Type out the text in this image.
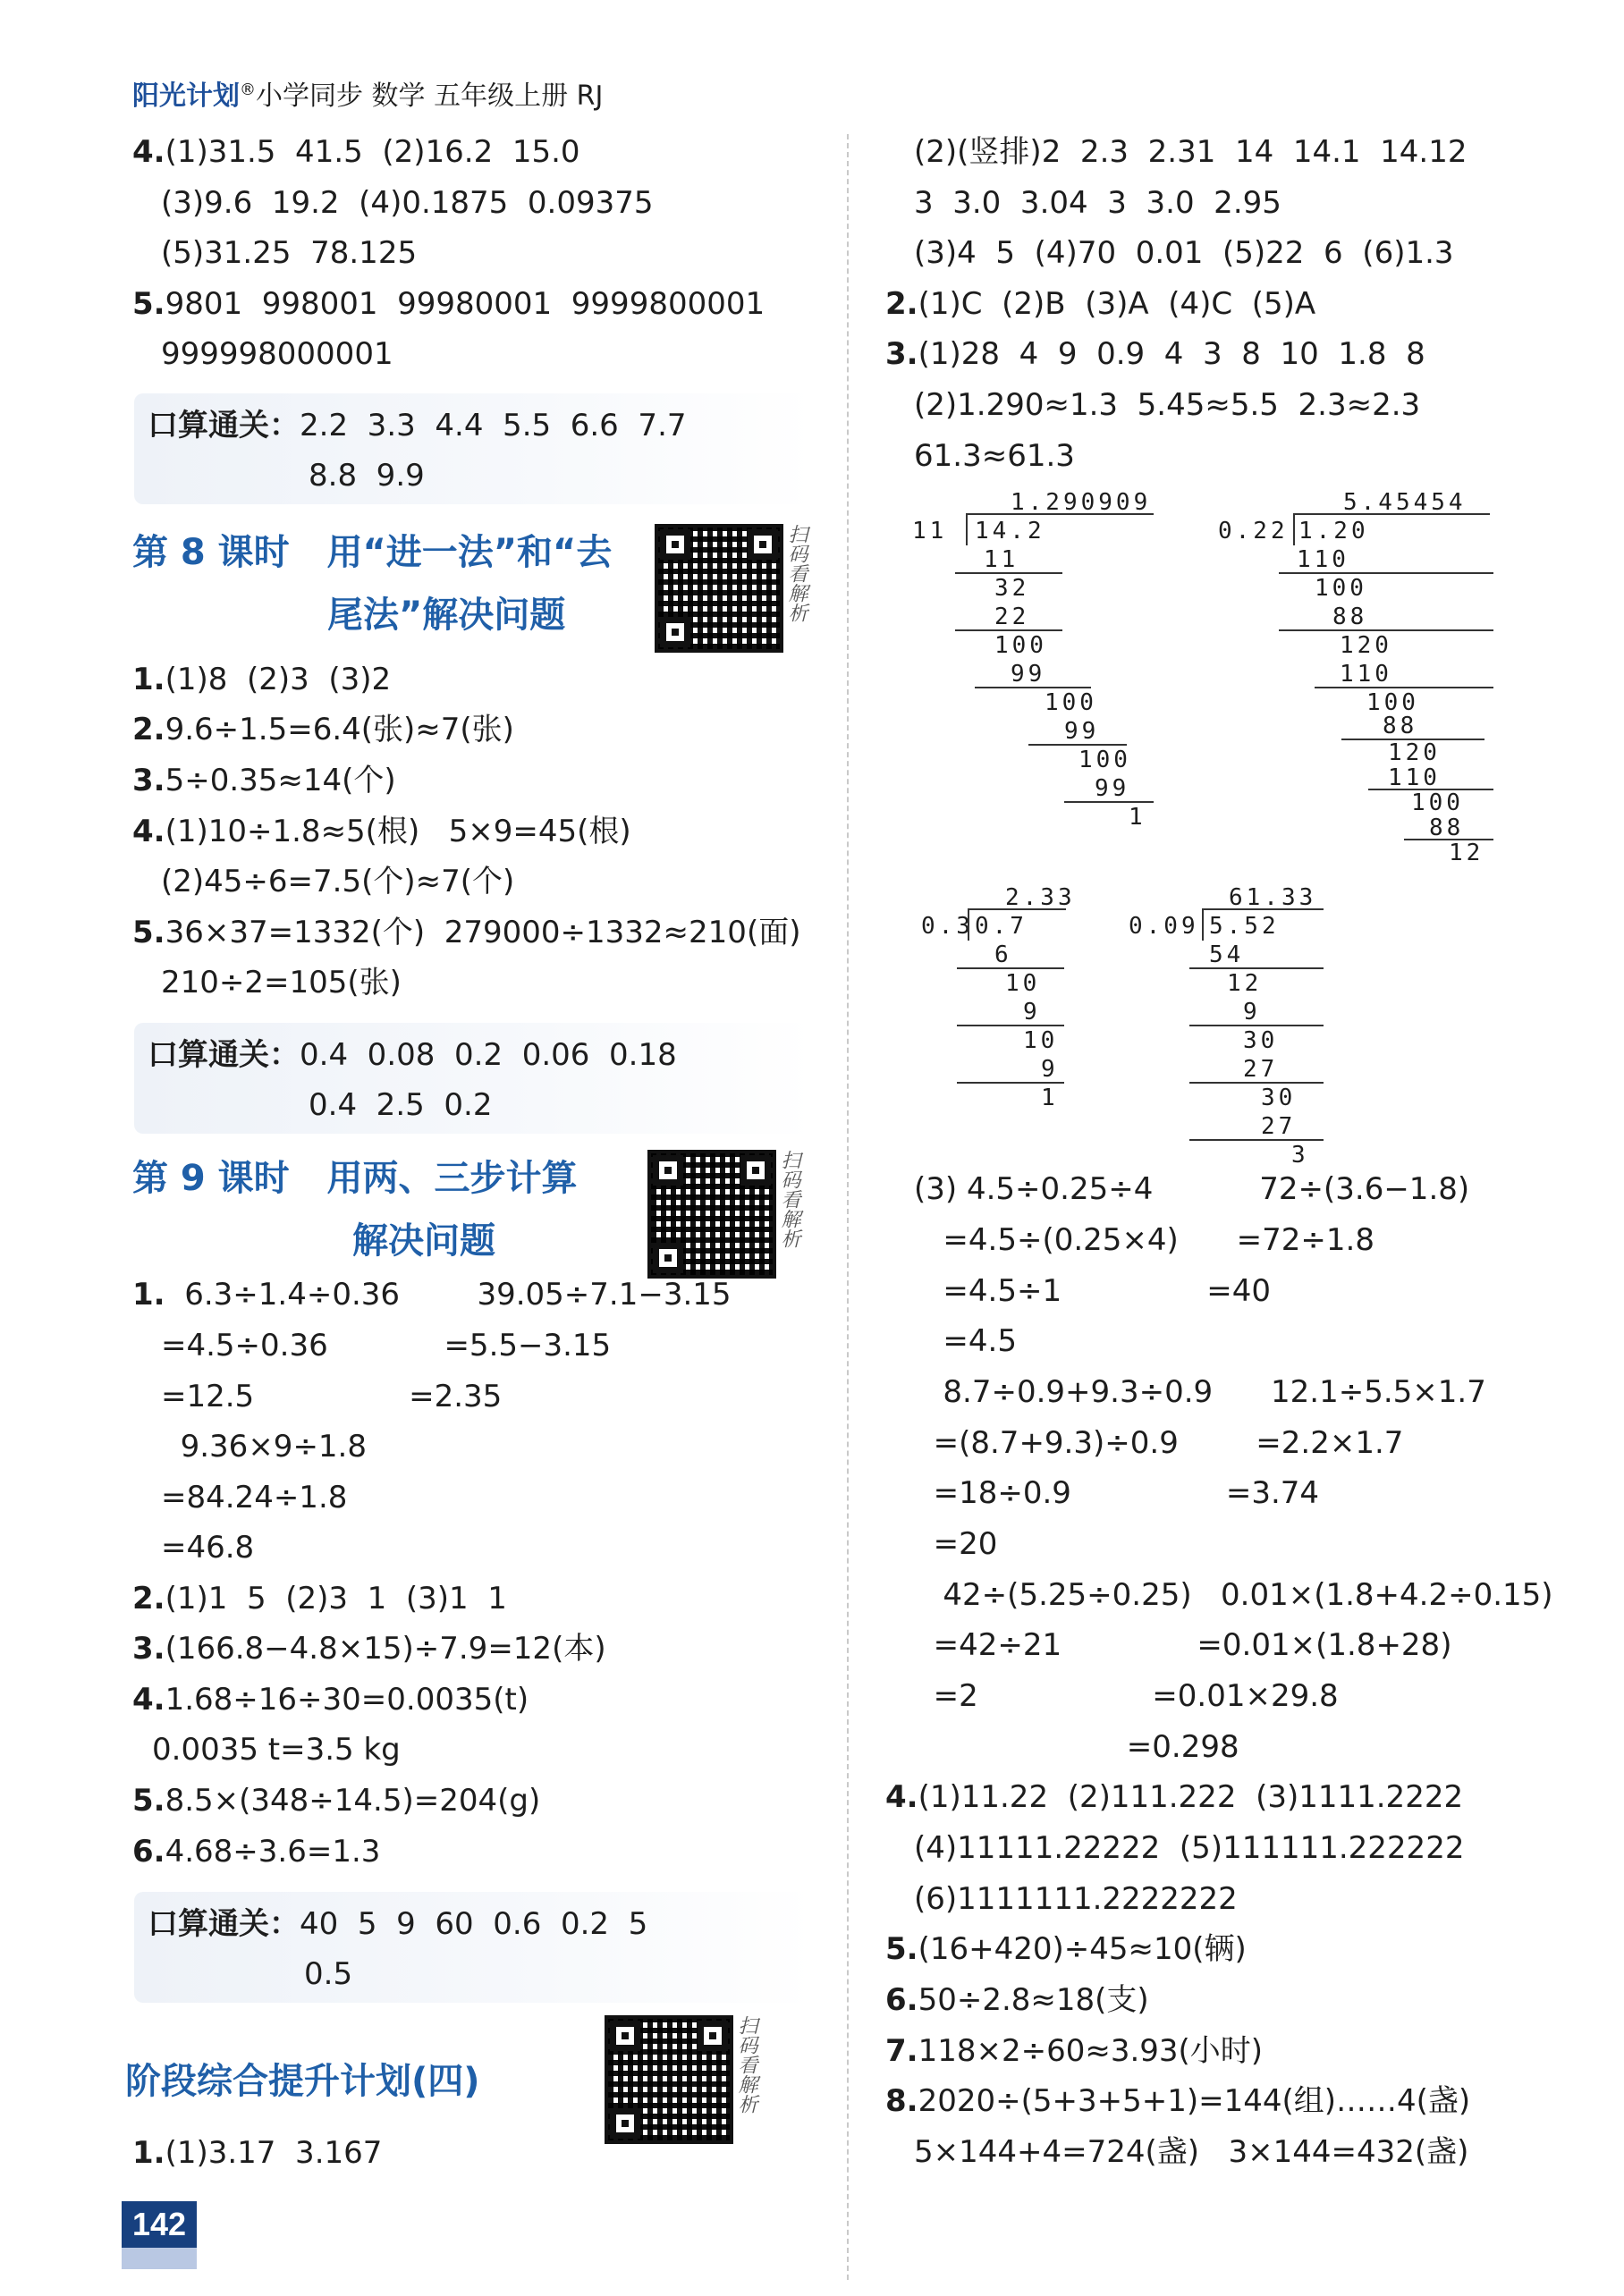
阳光计划®小学同步 数学 五年级上册 RJ
4.(1)31.5  41.5  (2)16.2  15.0
(3)9.6  19.2  (4)0.1875  0.09375
(5)31.25  78.125
5.9801  998001  99980001  9999800001
999998000001
口算通关：2.2  3.3  4.4  5.5  6.6  7.7
8.8  9.9
第 8 课时   用“进一法”和“去
尾法”解决问题	扫码看解析
1.(1)8  (2)3  (3)2
2.9.6÷1.5=6.4(张)≈7(张)
3.5÷0.35≈14(个)
4.(1)10÷1.8≈5(根)   5×9=45(根)
(2)45÷6=7.5(个)≈7(个)
5.36×37=1332(个)  279000÷1332≈210(面)
210÷2=105(张)
口算通关：0.4  0.08  0.2  0.06  0.18
0.4  2.5  0.2
第 9 课时   用两、三步计算
解决问题	扫码看解析
1.  6.3÷1.4÷0.36        39.05÷7.1−3.15
=4.5÷0.36            =5.5−3.15
=12.5                =2.35
9.36×9÷1.8
=84.24÷1.8
=46.8
2.(1)1  5  (2)3  1  (3)1  1
3.(166.8−4.8×15)÷7.9=12(本)
4.1.68÷16÷30=0.0035(t)
0.0035 t=3.5 kg
5.8.5×(348÷14.5)=204(g)
6.4.68÷3.6=1.3
口算通关：40  5  9  60  0.6  0.2  5
0.5
阶段综合提升计划(四)	扫码看解析
1.(1)3.17  3.167
142
(2)(竖排)2  2.3  2.31  14  14.1  14.12
3  3.0  3.04  3  3.0  2.95
(3)4  5  (4)70  0.01  (5)22  6  (6)1.3
2.(1)C  (2)B  (3)A  (4)C  (5)A
3.(1)28  4  9  0.9  4  3  8  10  1.8  8
(2)1.290≈1.3  5.45≈5.5  2.3≈2.3
61.3≈61.3
1.290909
11 14.2
11
32
22
100
99
100
99
100
99
1
5.45454
0.22 1.20
110
100
88
120
110
100
88
120
110
100
88
12
2.33
0.3 0.7
6
10
9
10
9
1
61.33
0.09 5.52
54
12
9
30
27
30
27
3
(3) 4.5÷0.25÷4           72÷(3.6−1.8)
=4.5÷(0.25×4)      =72÷1.8
=4.5÷1               =40
=4.5
8.7÷0.9+9.3÷0.9      12.1÷5.5×1.7
=(8.7+9.3)÷0.9        =2.2×1.7
=18÷0.9                =3.74
=20
42÷(5.25÷0.25)   0.01×(1.8+4.2÷0.15)
=42÷21              =0.01×(1.8+28)
=2                  =0.01×29.8
=0.298
4.(1)11.22  (2)111.222  (3)1111.2222
(4)11111.22222  (5)111111.222222
(6)1111111.2222222
5.(16+420)÷45≈10(辆)
6.50÷2.8≈18(支)
7.118×2÷60≈3.93(小时)
8.2020÷(5+3+5+1)=144(组)……4(盏)
5×144+4=724(盏)   3×144=432(盏)
